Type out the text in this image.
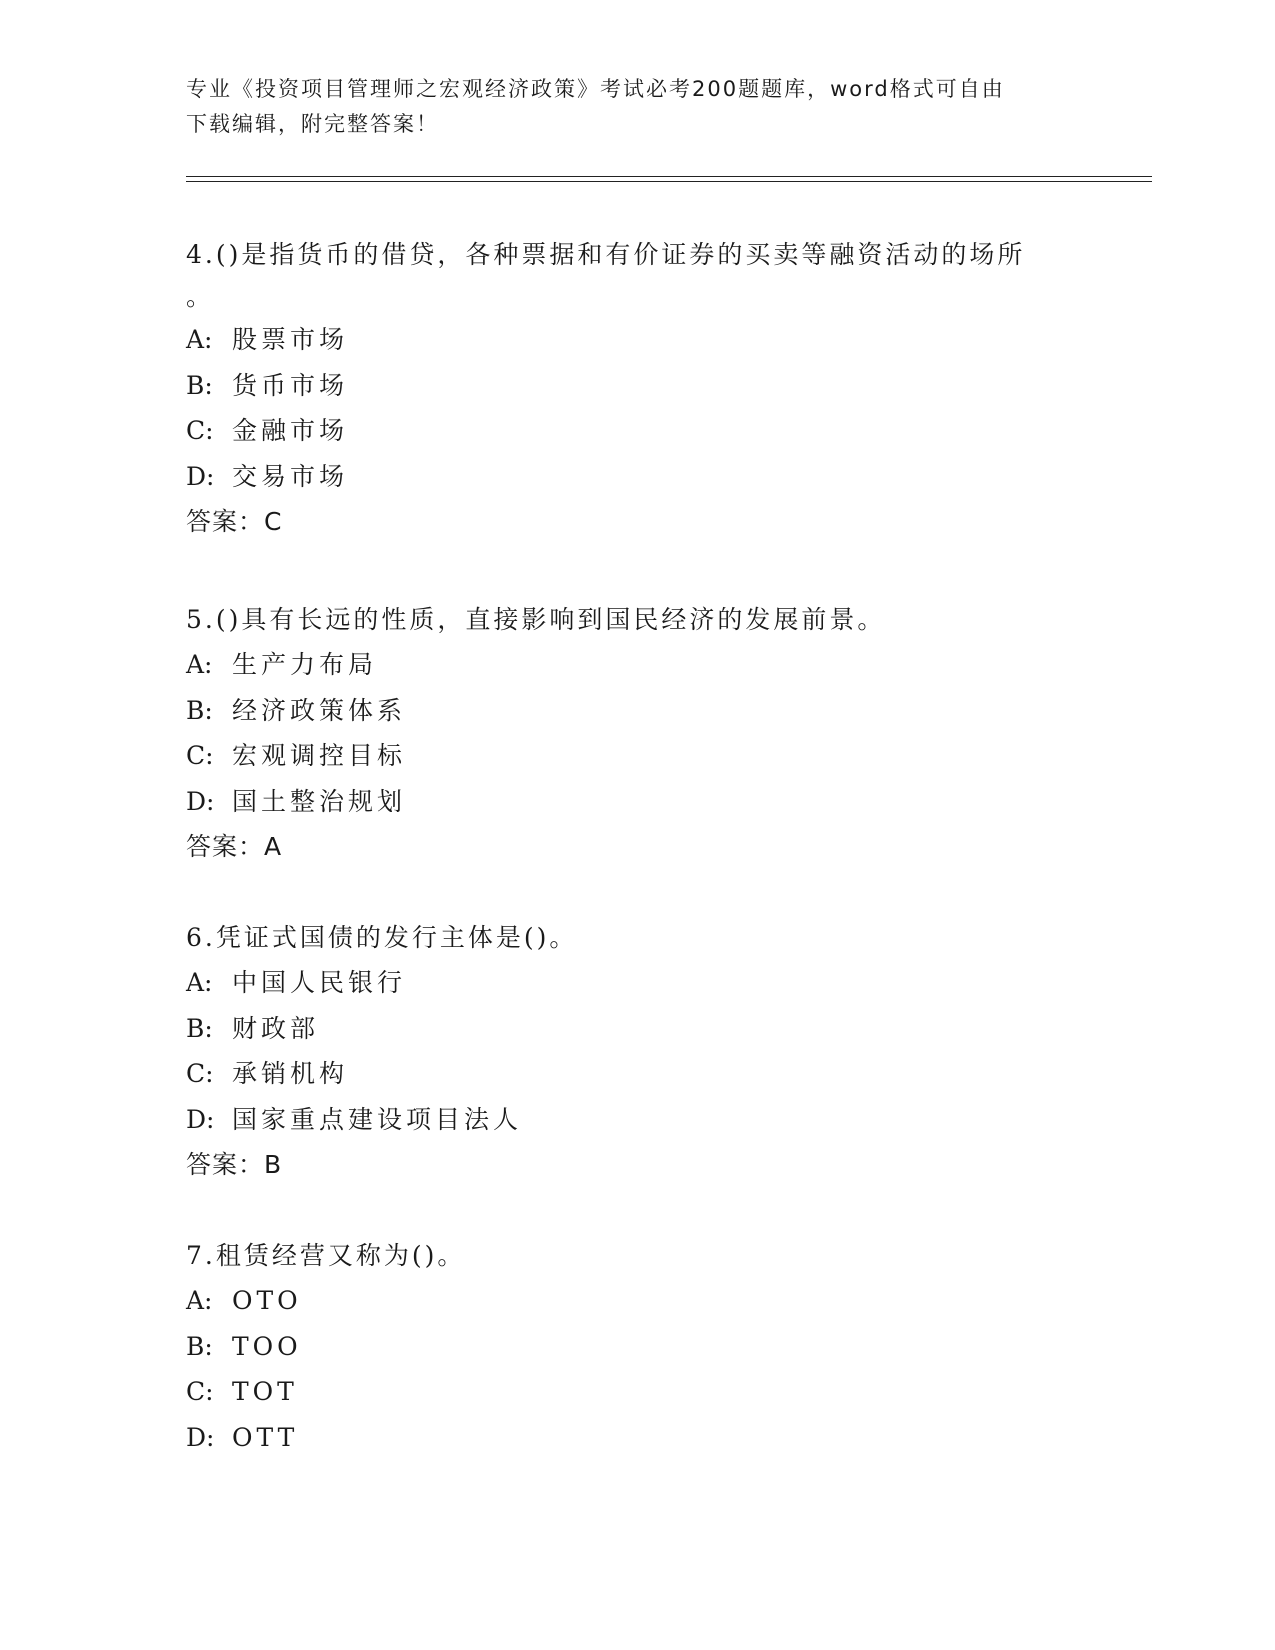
专业《投资项目管理师之宏观经济政策》考试必考200题题库，word格式可自由
下载编辑，附完整答案！
4.()是指货币的借贷，各种票据和有价证券的买卖等融资活动的场所
。
A: 股票市场
B: 货币市场
C: 金融市场
D: 交易市场
答案：C
5.()具有长远的性质，直接影响到国民经济的发展前景。
A: 生产力布局
B: 经济政策体系
C: 宏观调控目标
D: 国土整治规划
答案：A
6.凭证式国债的发行主体是()。
A: 中国人民银行
B: 财政部
C: 承销机构
D: 国家重点建设项目法人
答案：B
7.租赁经营又称为()。
A: OTO
B: TOO
C: TOT
D: OTT
